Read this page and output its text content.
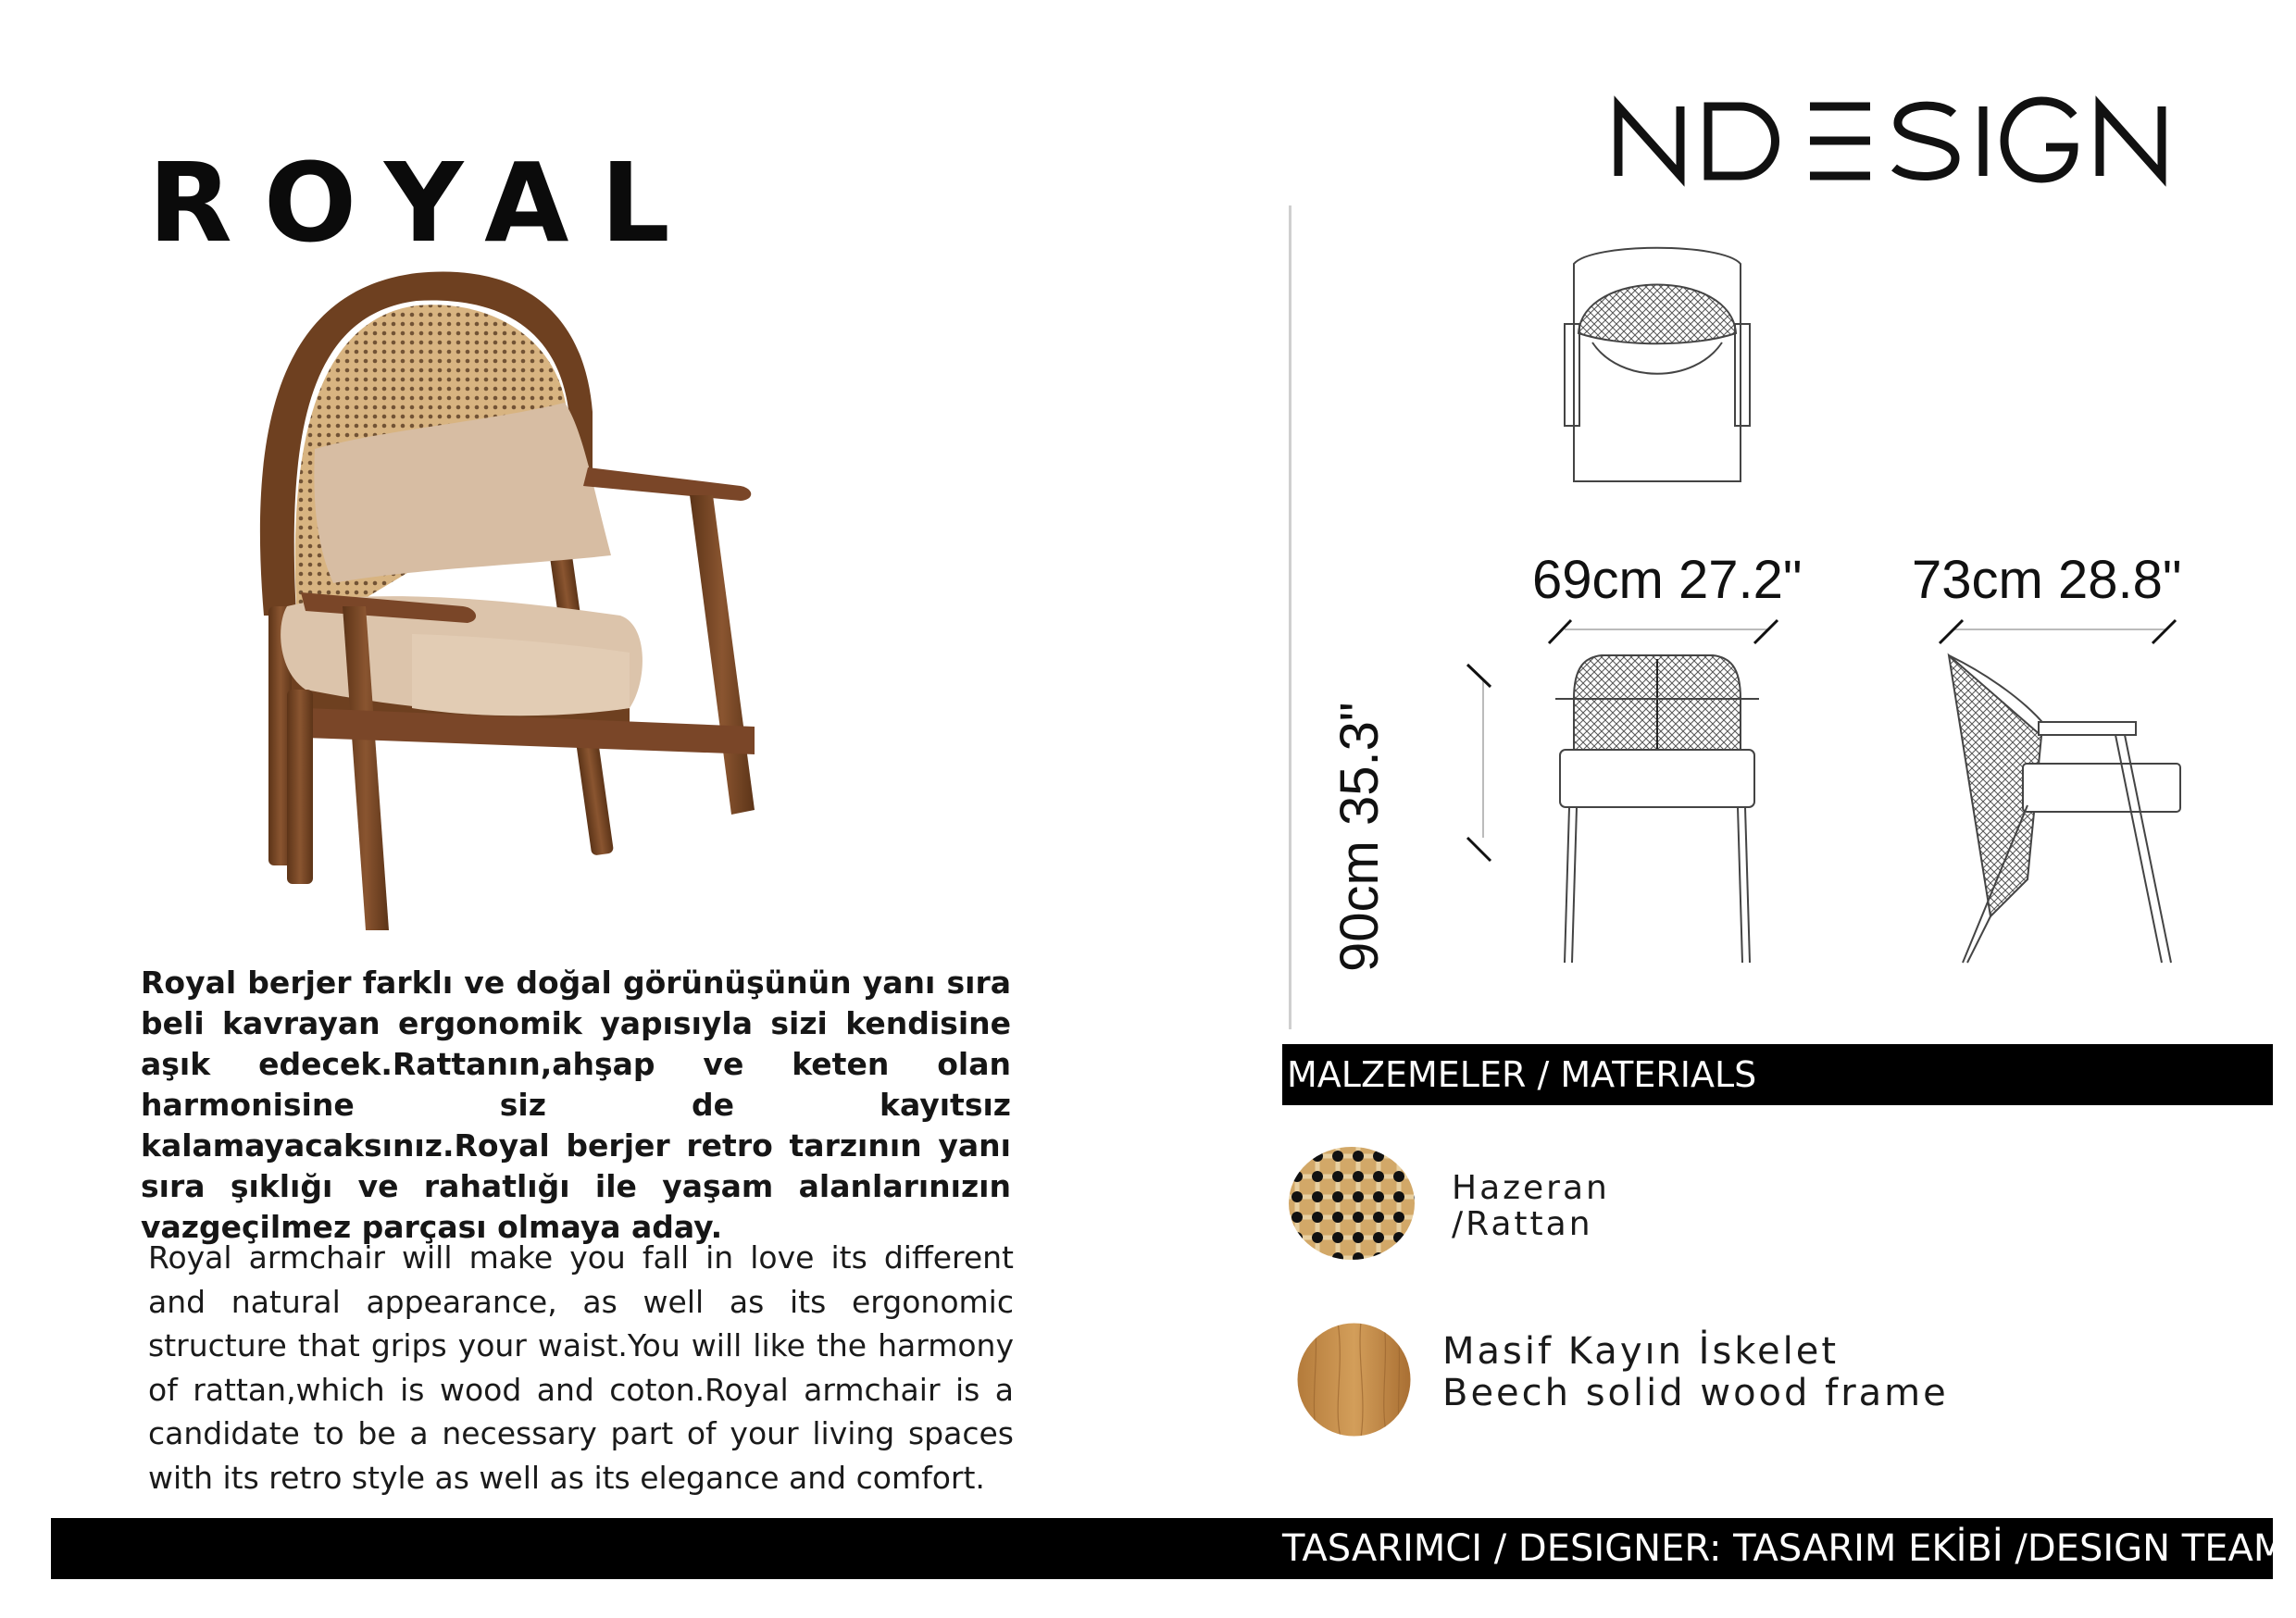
ROYAL
Royal berjer farklı ve doğal görünüşünün yanı sıra beli kavrayan ergonomik yapısıyla sizi kendisine aşık edecek.Rattanın,ahşap ve keten olan harmonisine siz de kayıtsız kalamayacaksınız.Royal berjer retro tarzının yanı sıra şıklığı ve rahatlığı ile yaşam alanlarınızın vazgeçilmez parçası olmaya aday.
Royal armchair will make you fall in love its different and natural appearance, as well as its ergonomic structure that grips your waist.You will like the harmony of rattan,which is wood and coton.Royal armchair is a candidate to be a necessary part of your living spaces with its retro style as well as its elegance and comfort.
69cm 27.2" 73cm 28.8"
90cm 35.3"
MALZEMELER / MATERIALS
Hazeran
/Rattan
Masif Kayın İskelet
Beech solid wood frame
TASARIMCI / DESIGNER: TASARIM EKİBİ /DESIGN TEAM
